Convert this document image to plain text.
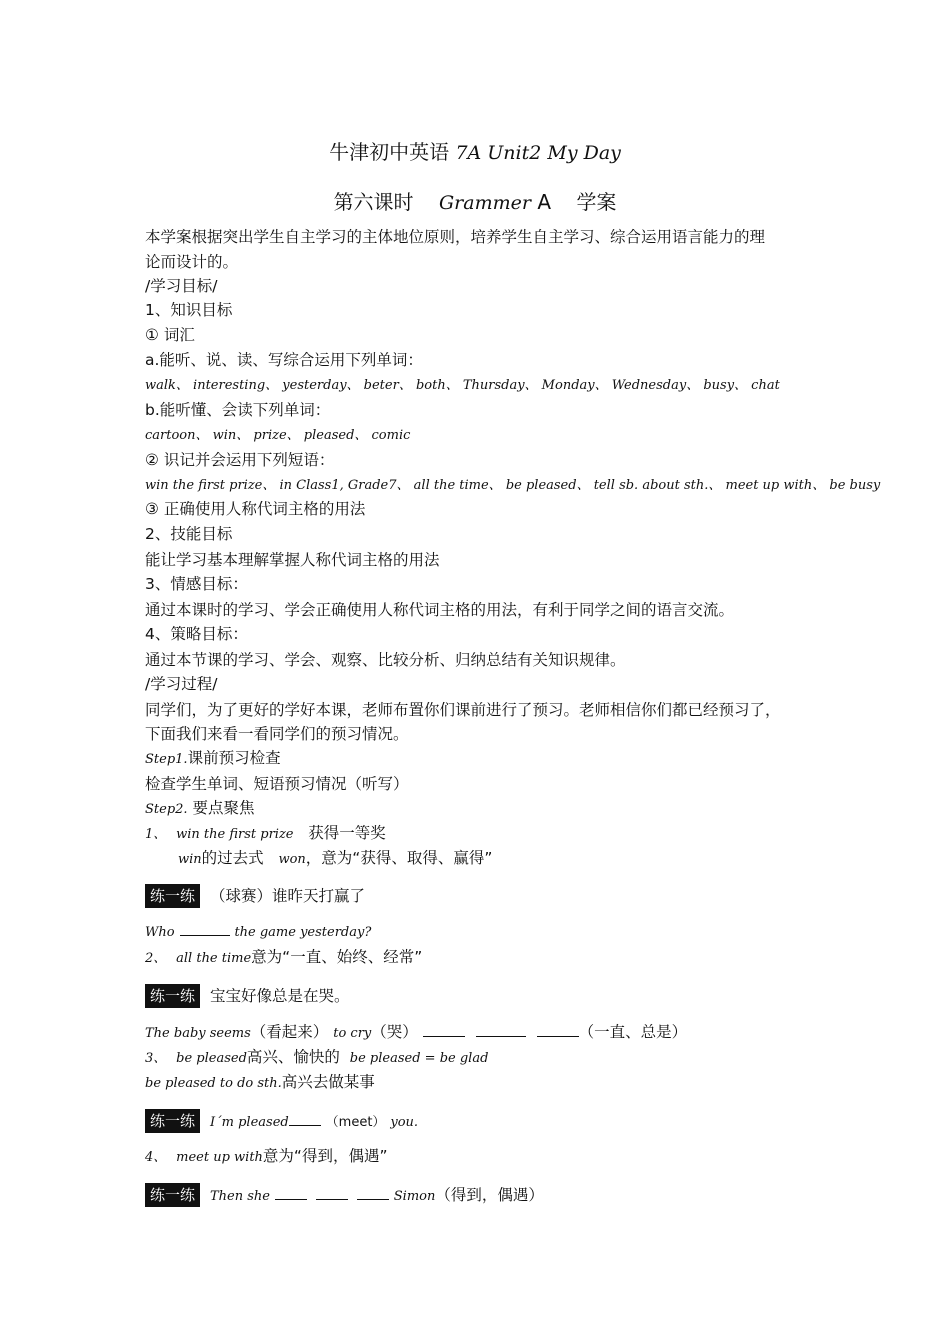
牛津初中英语 7A Unit2 My Day
第六课时 Grammer A 学案
本学案根据突出学生自主学习的主体地位原则，培养学生自主学习、综合运用语言能力的理
论而设计的。
/学习目标/
1、知识目标
① 词汇
a.能听、说、读、写综合运用下列单词：
walk、 interesting、 yesterday、 beter、 both、 Thursday、 Monday、 Wednesday、 busy、 chat
b.能听懂、会读下列单词：
cartoon、 win、 prize、 pleased、 comic
② 识记并会运用下列短语：
win the first prize、 in Class1, Grade7、 all the time、 be pleased、 tell sb. about sth.、 meet up with、 be busy
③ 正确使用人称代词主格的用法
2、技能目标
能让学习基本理解掌握人称代词主格的用法
3、情感目标：
通过本课时的学习、学会正确使用人称代词主格的用法，有利于同学之间的语言交流。
4、策略目标：
通过本节课的学习、学会、观察、比较分析、归纳总结有关知识规律。
/学习过程/
同学们，为了更好的学好本课，老师布置你们课前进行了预习。老师相信你们都已经预习了，
下面我们来看一看同学们的预习情况。
Step1.课前预习检查
检查学生单词、短语预习情况（听写）
Step2. 要点聚焦
1、 win the first prize 获得一等奖
win的过去式 won，意为“获得、取得、赢得”
练一练 （球赛）谁昨天打赢了
Who	the game yesterday?
2、 all the time意为“一直、始终、经常”
练一练 宝宝好像总是在哭。
The baby seems（看起来） to cry（哭）	（一直、总是）
3、 be pleased高兴、愉快的 be pleased = be glad
be pleased to do sth.高兴去做某事
练一练 I´m pleased	（meet） you.
4、 meet up with意为“得到，偶遇”
练一练 Then she	Simon（得到，偶遇）
